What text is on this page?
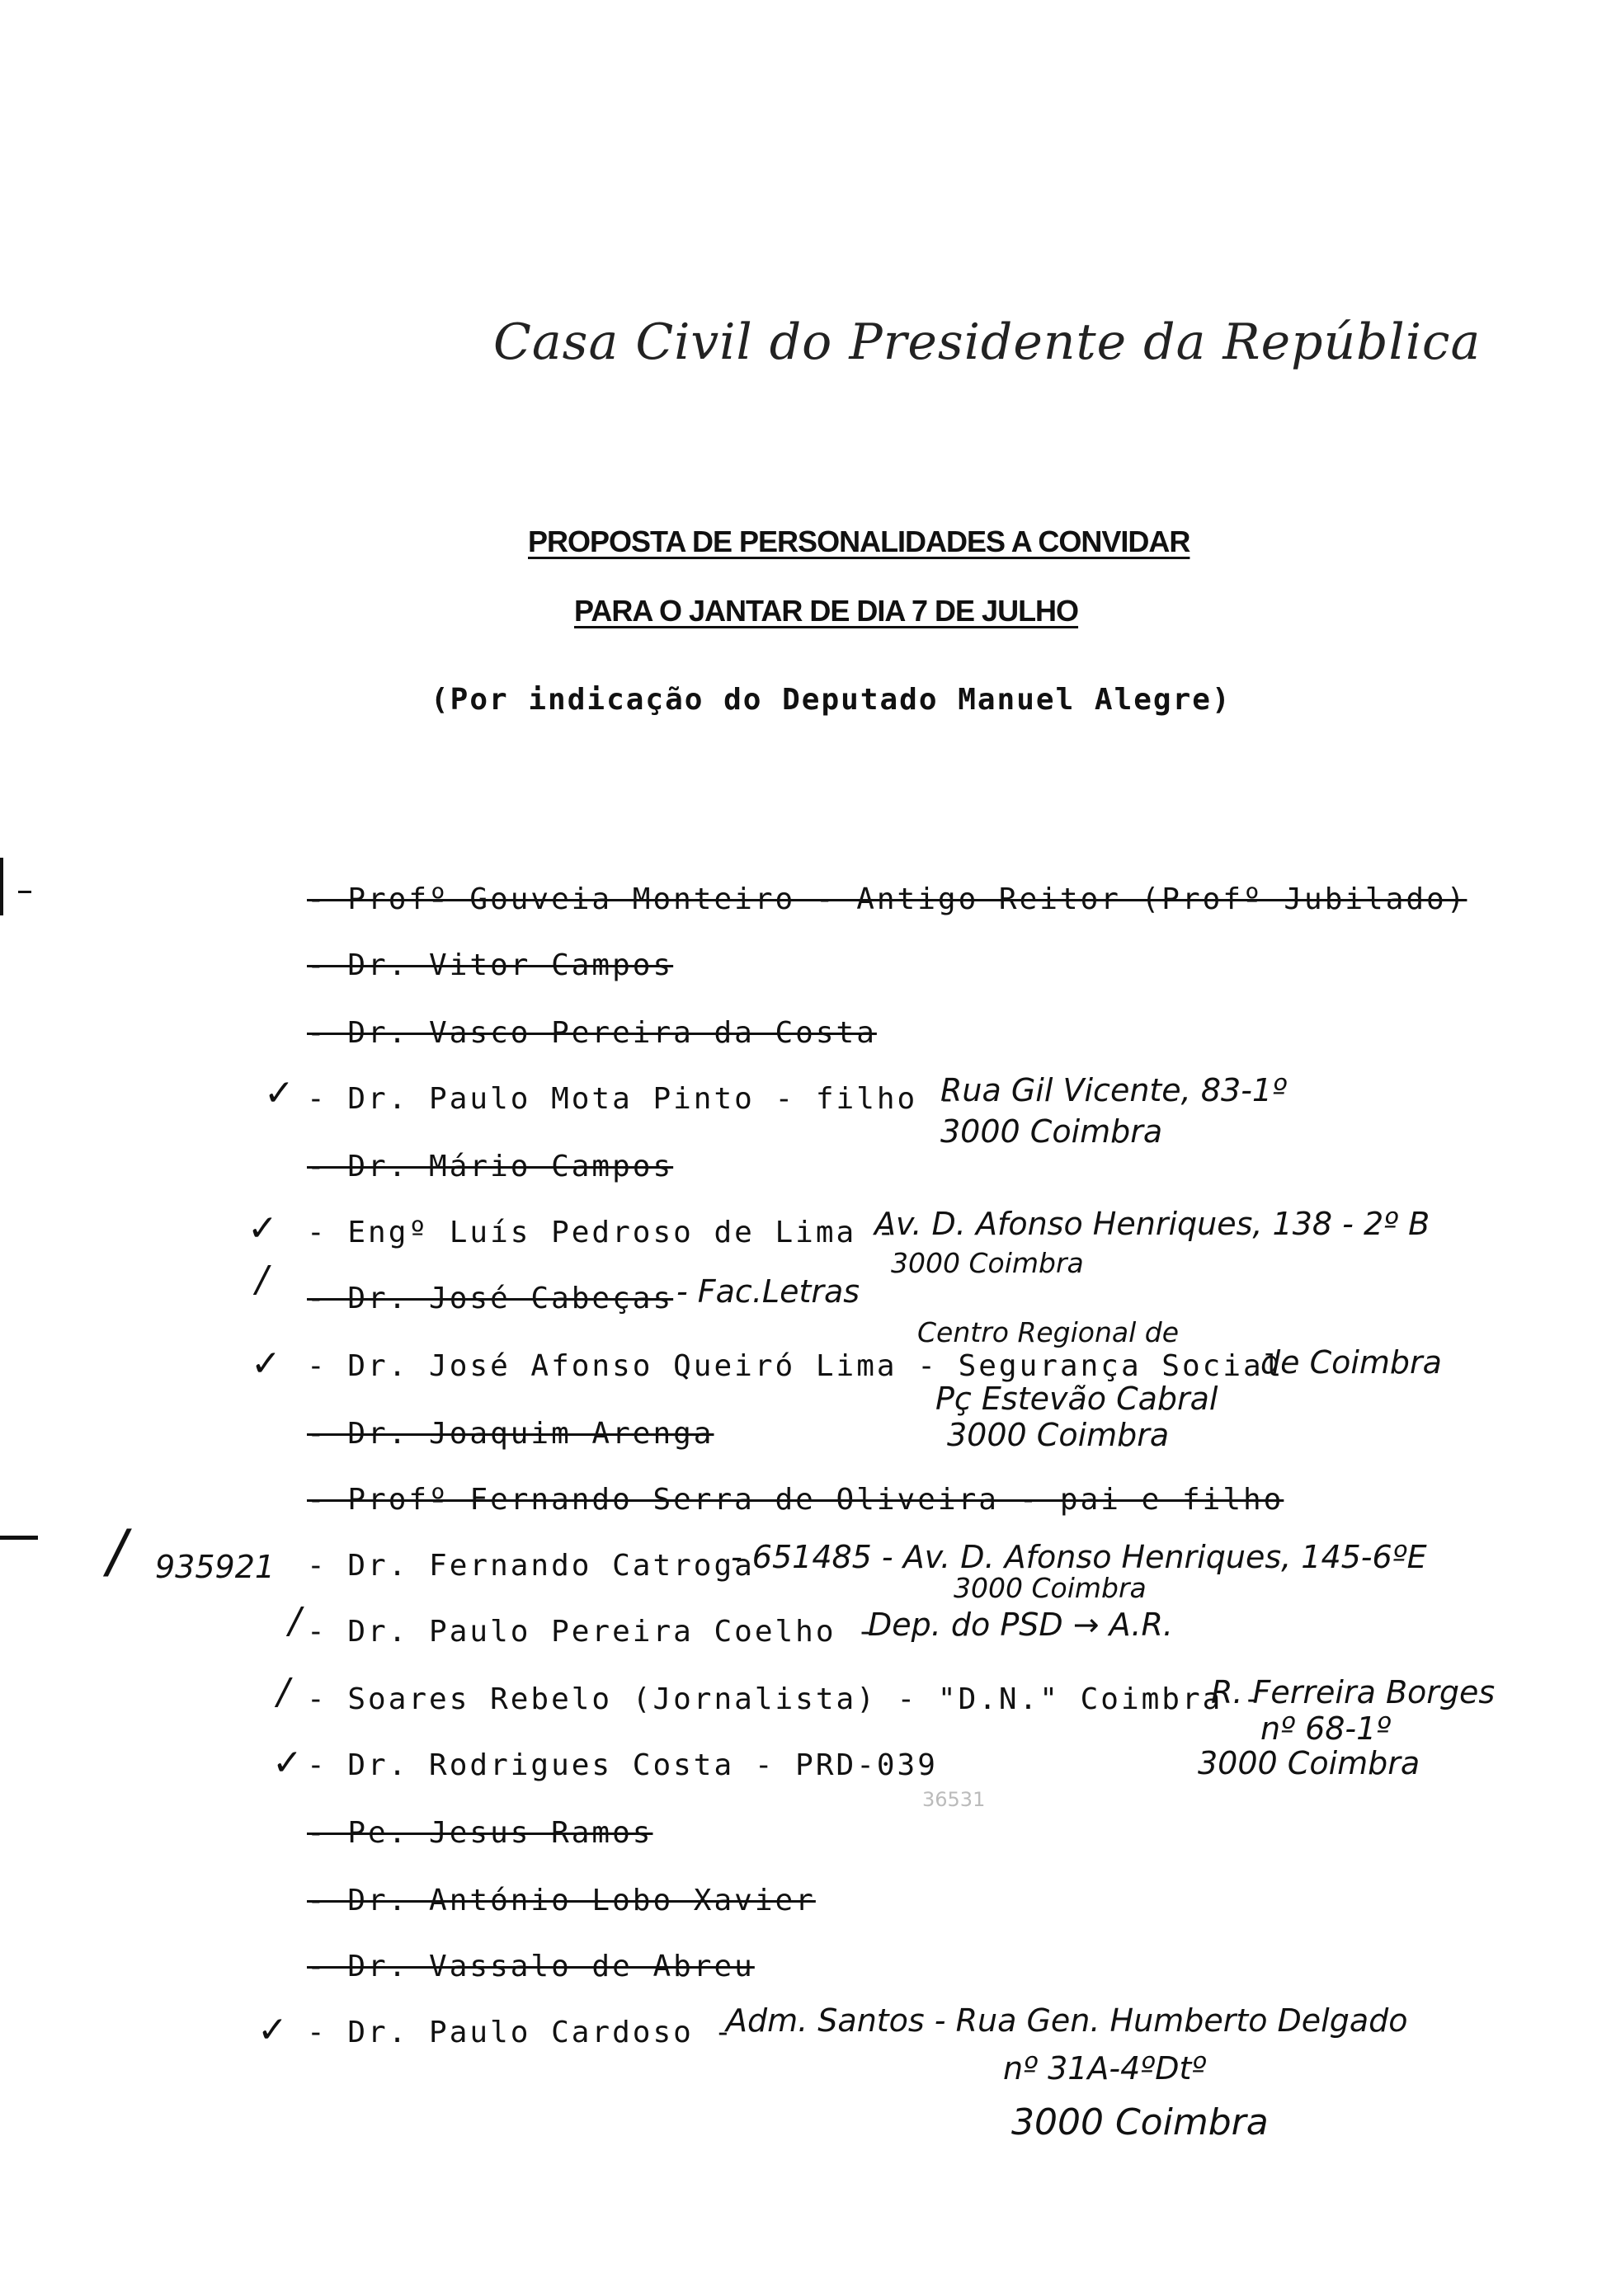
Casa Civil do Presidente da República
PROPOSTA DE PERSONALIDADES A CONVIDAR
PARA O JANTAR DE DIA 7 DE JULHO
(Por indicação do Deputado Manuel Alegre)
- Profº Gouveia Monteiro - Antigo Reitor (Profº Jubilado)
- Dr. Vitor Campos
- Dr. Vasco Pereira da Costa
✓ - Dr. Paulo Mota Pinto - filho -
Rua Gil Vicente, 83-1º
3000 Coimbra
- Dr. Mário Campos
✓ - Engº Luís Pedroso de Lima -
Av. D. Afonso Henriques, 138 - 2º B
3000 Coimbra
/ - Dr. José Cabeças - Fac.Letras
Centro Regional de
✓ - Dr. José Afonso Queiró Lima - Segurança Social
de Coimbra
Pç Estevão Cabral
3000 Coimbra
- Dr. Joaquim Arenga
- Profº Fernando Serra de Oliveira - pai e filho
/ 935921 - Dr. Fernando Catroga
- 651485 - Av. D. Afonso Henriques, 145-6ºE
3000 Coimbra
/ - Dr. Paulo Pereira Coelho -
Dep. do PSD → A.R.
/ - Soares Rebelo (Jornalista) - "D.N." Coimbra -
R. Ferreira Borges
nº 68-1º
3000 Coimbra
✓ - Dr. Rodrigues Costa - PRD-039
36531
- Pe. Jesus Ramos
- Dr. António Lobo Xavier
- Dr. Vassalo de Abreu
✓ - Dr. Paulo Cardoso -
Adm. Santos - Rua Gen. Humberto Delgado
nº 31A-4ºDtº
3000 Coimbra
